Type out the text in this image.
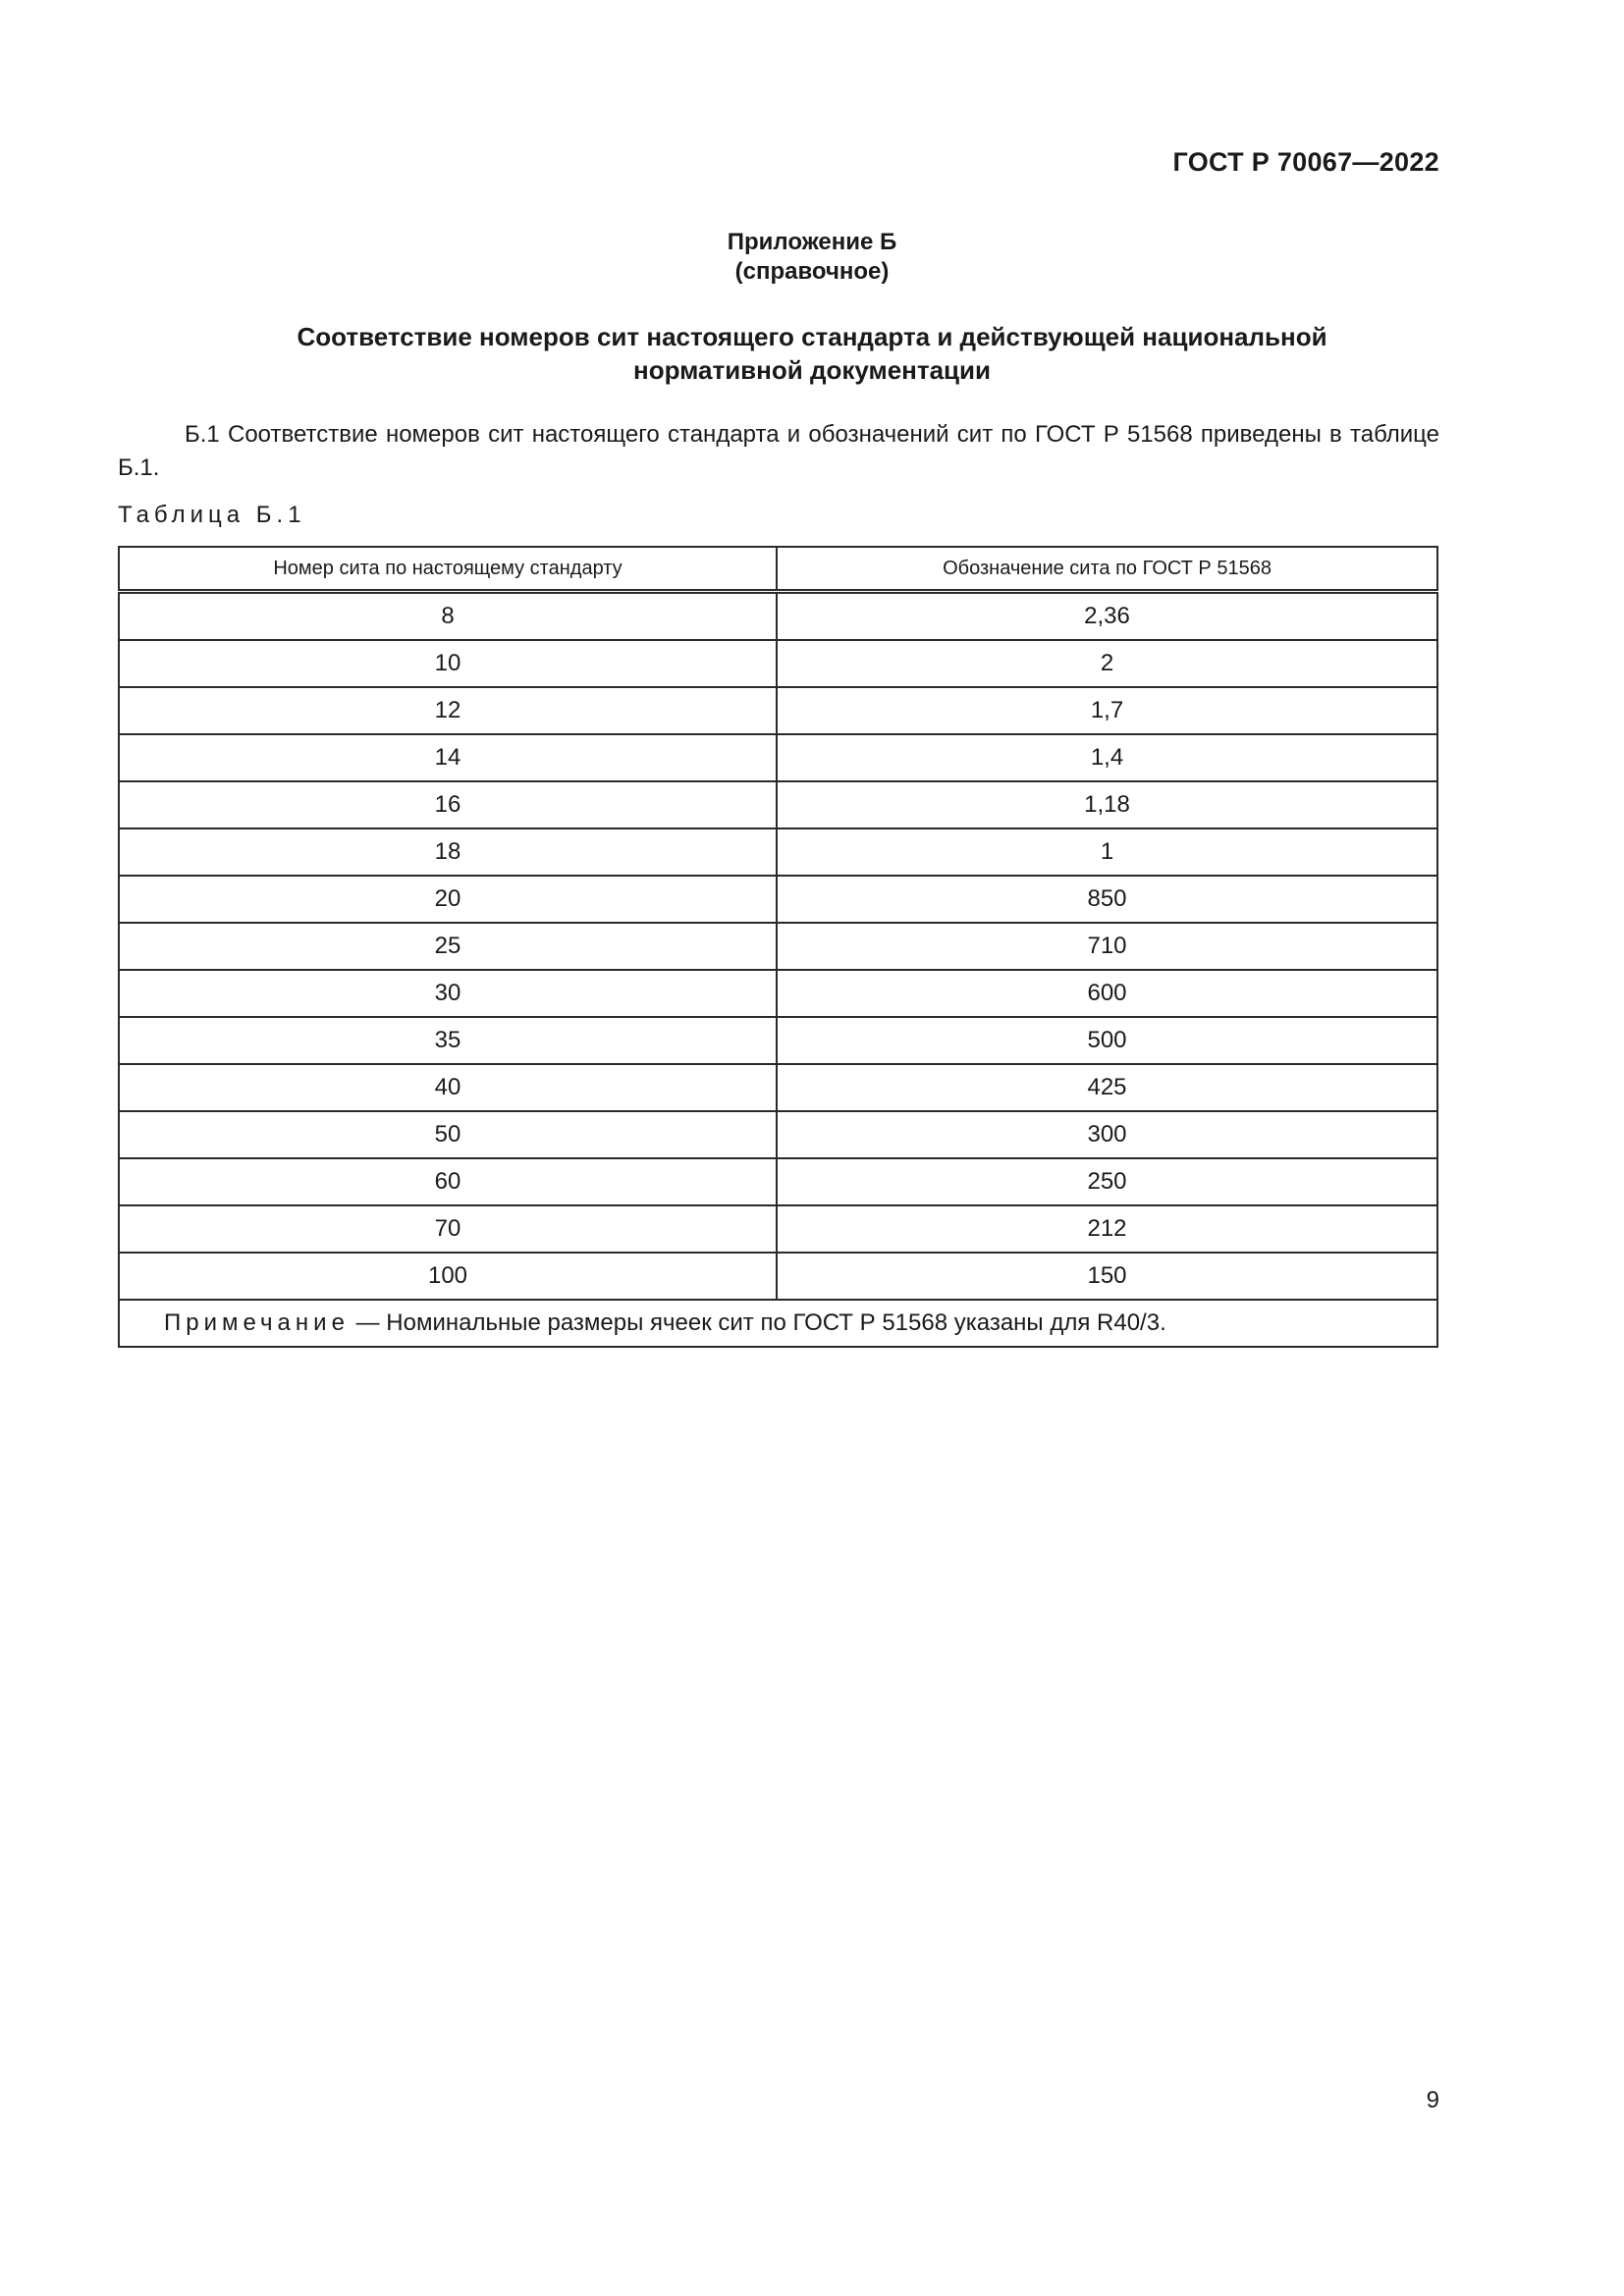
ГОСТ Р 70067—2022
Приложение Б
(справочное)
Соответствие номеров сит настоящего стандарта и действующей национальной
нормативной документации
Б.1 Соответствие номеров сит настоящего стандарта и обозначений сит по ГОСТ Р 51568 приведены в таблице Б.1.
Таблица Б.1
Номер сита по настоящему стандарту	Обозначение сита по ГОСТ Р 51568
8	2,36
10	2
12	1,7
14	1,4
16	1,18
18	1
20	850
25	710
30	600
35	500
40	425
50	300
60	250
70	212
100	150
Примечание — Номинальные размеры ячеек сит по ГОСТ Р 51568 указаны для R40/3.	
9
